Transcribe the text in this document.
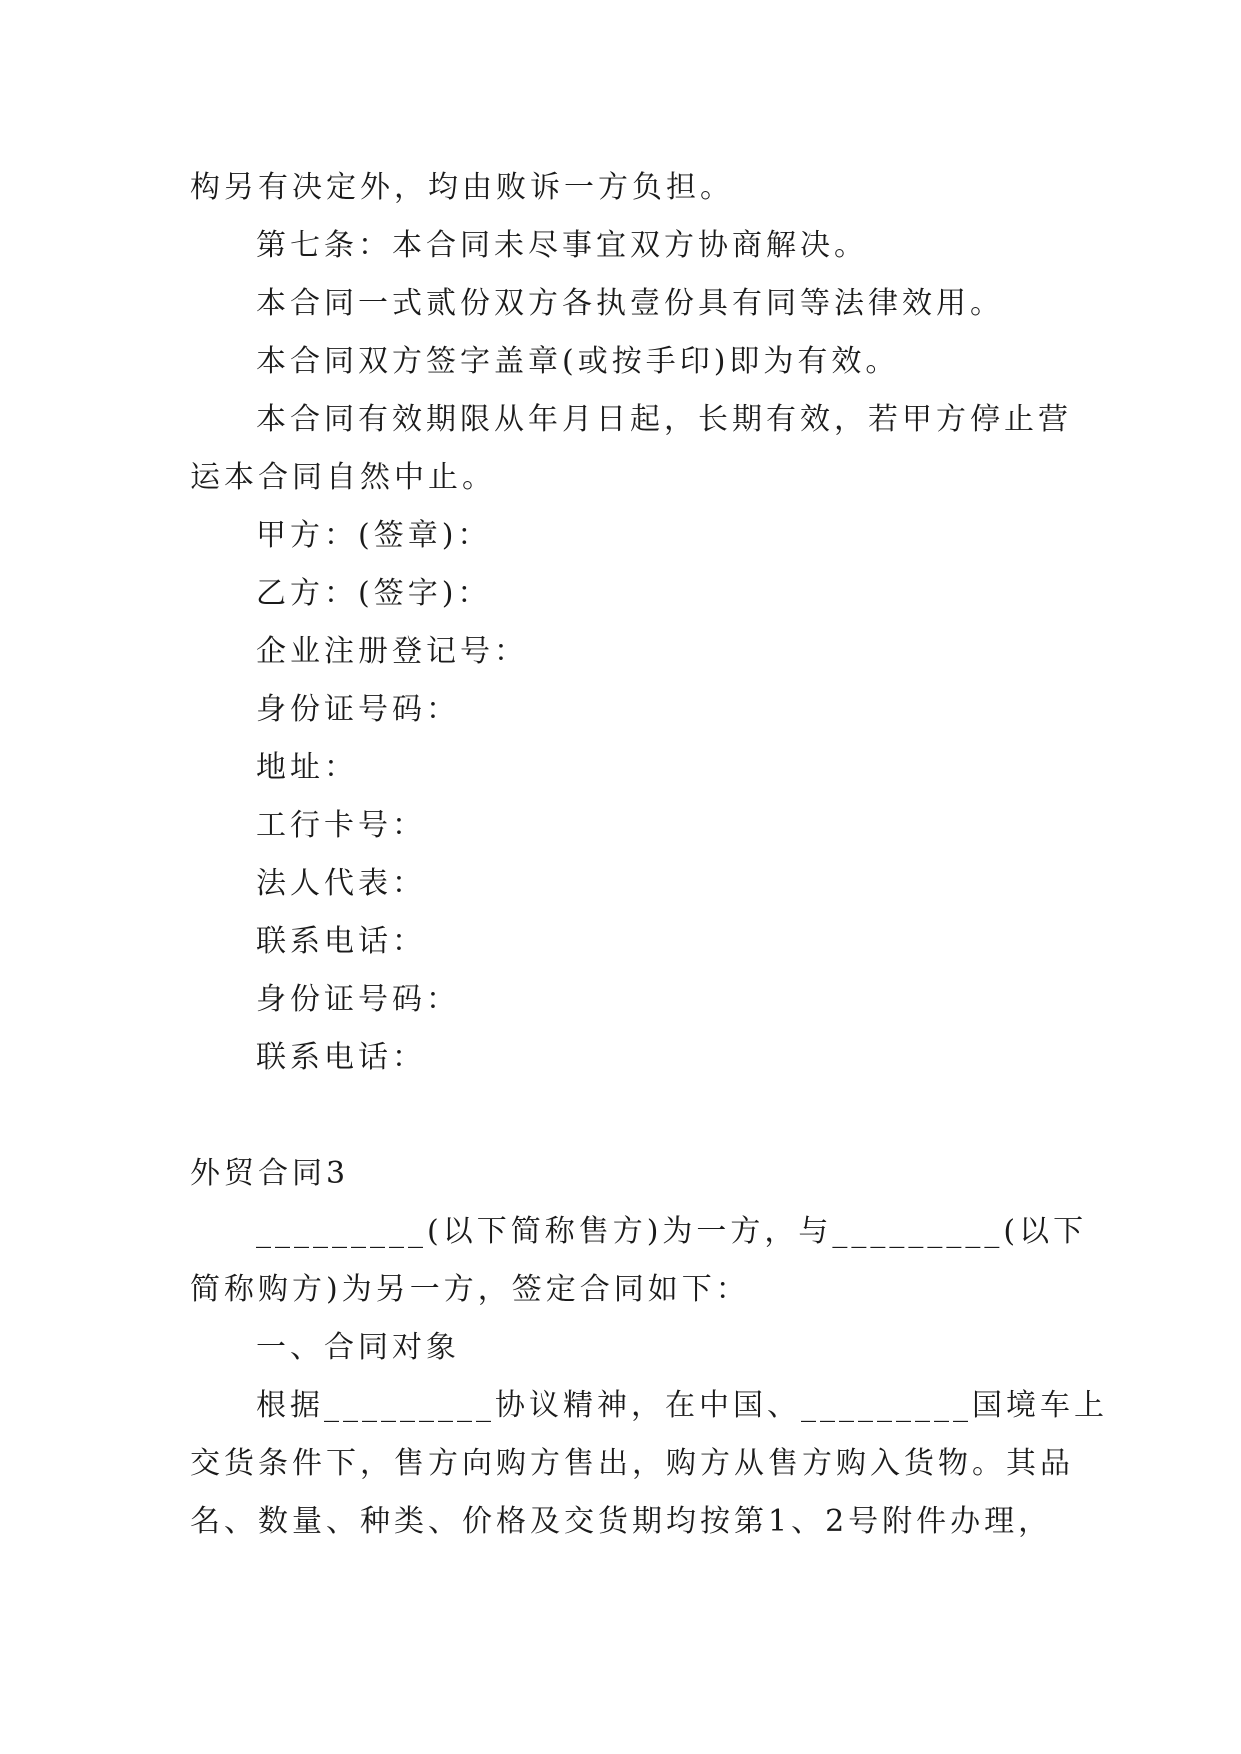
构另有决定外，均由败诉一方负担。
第七条：本合同未尽事宜双方协商解决。
本合同一式贰份双方各执壹份具有同等法律效用。
本合同双方签字盖章(或按手印)即为有效。
本合同有效期限从年月日起，长期有效，若甲方停止营
运本合同自然中止。
甲方：(签章)：
乙方：(签字)：
企业注册登记号：
身份证号码：
地址：
工行卡号：
法人代表：
联系电话：
身份证号码：
联系电话：
外贸合同3
_________(以下简称售方)为一方，与_________(以下
简称购方)为另一方，签定合同如下：
一、合同对象
根据_________协议精神，在中国、_________国境车上
交货条件下，售方向购方售出，购方从售方购入货物。其品
名、数量、种类、价格及交货期均按第1、2号附件办理，
